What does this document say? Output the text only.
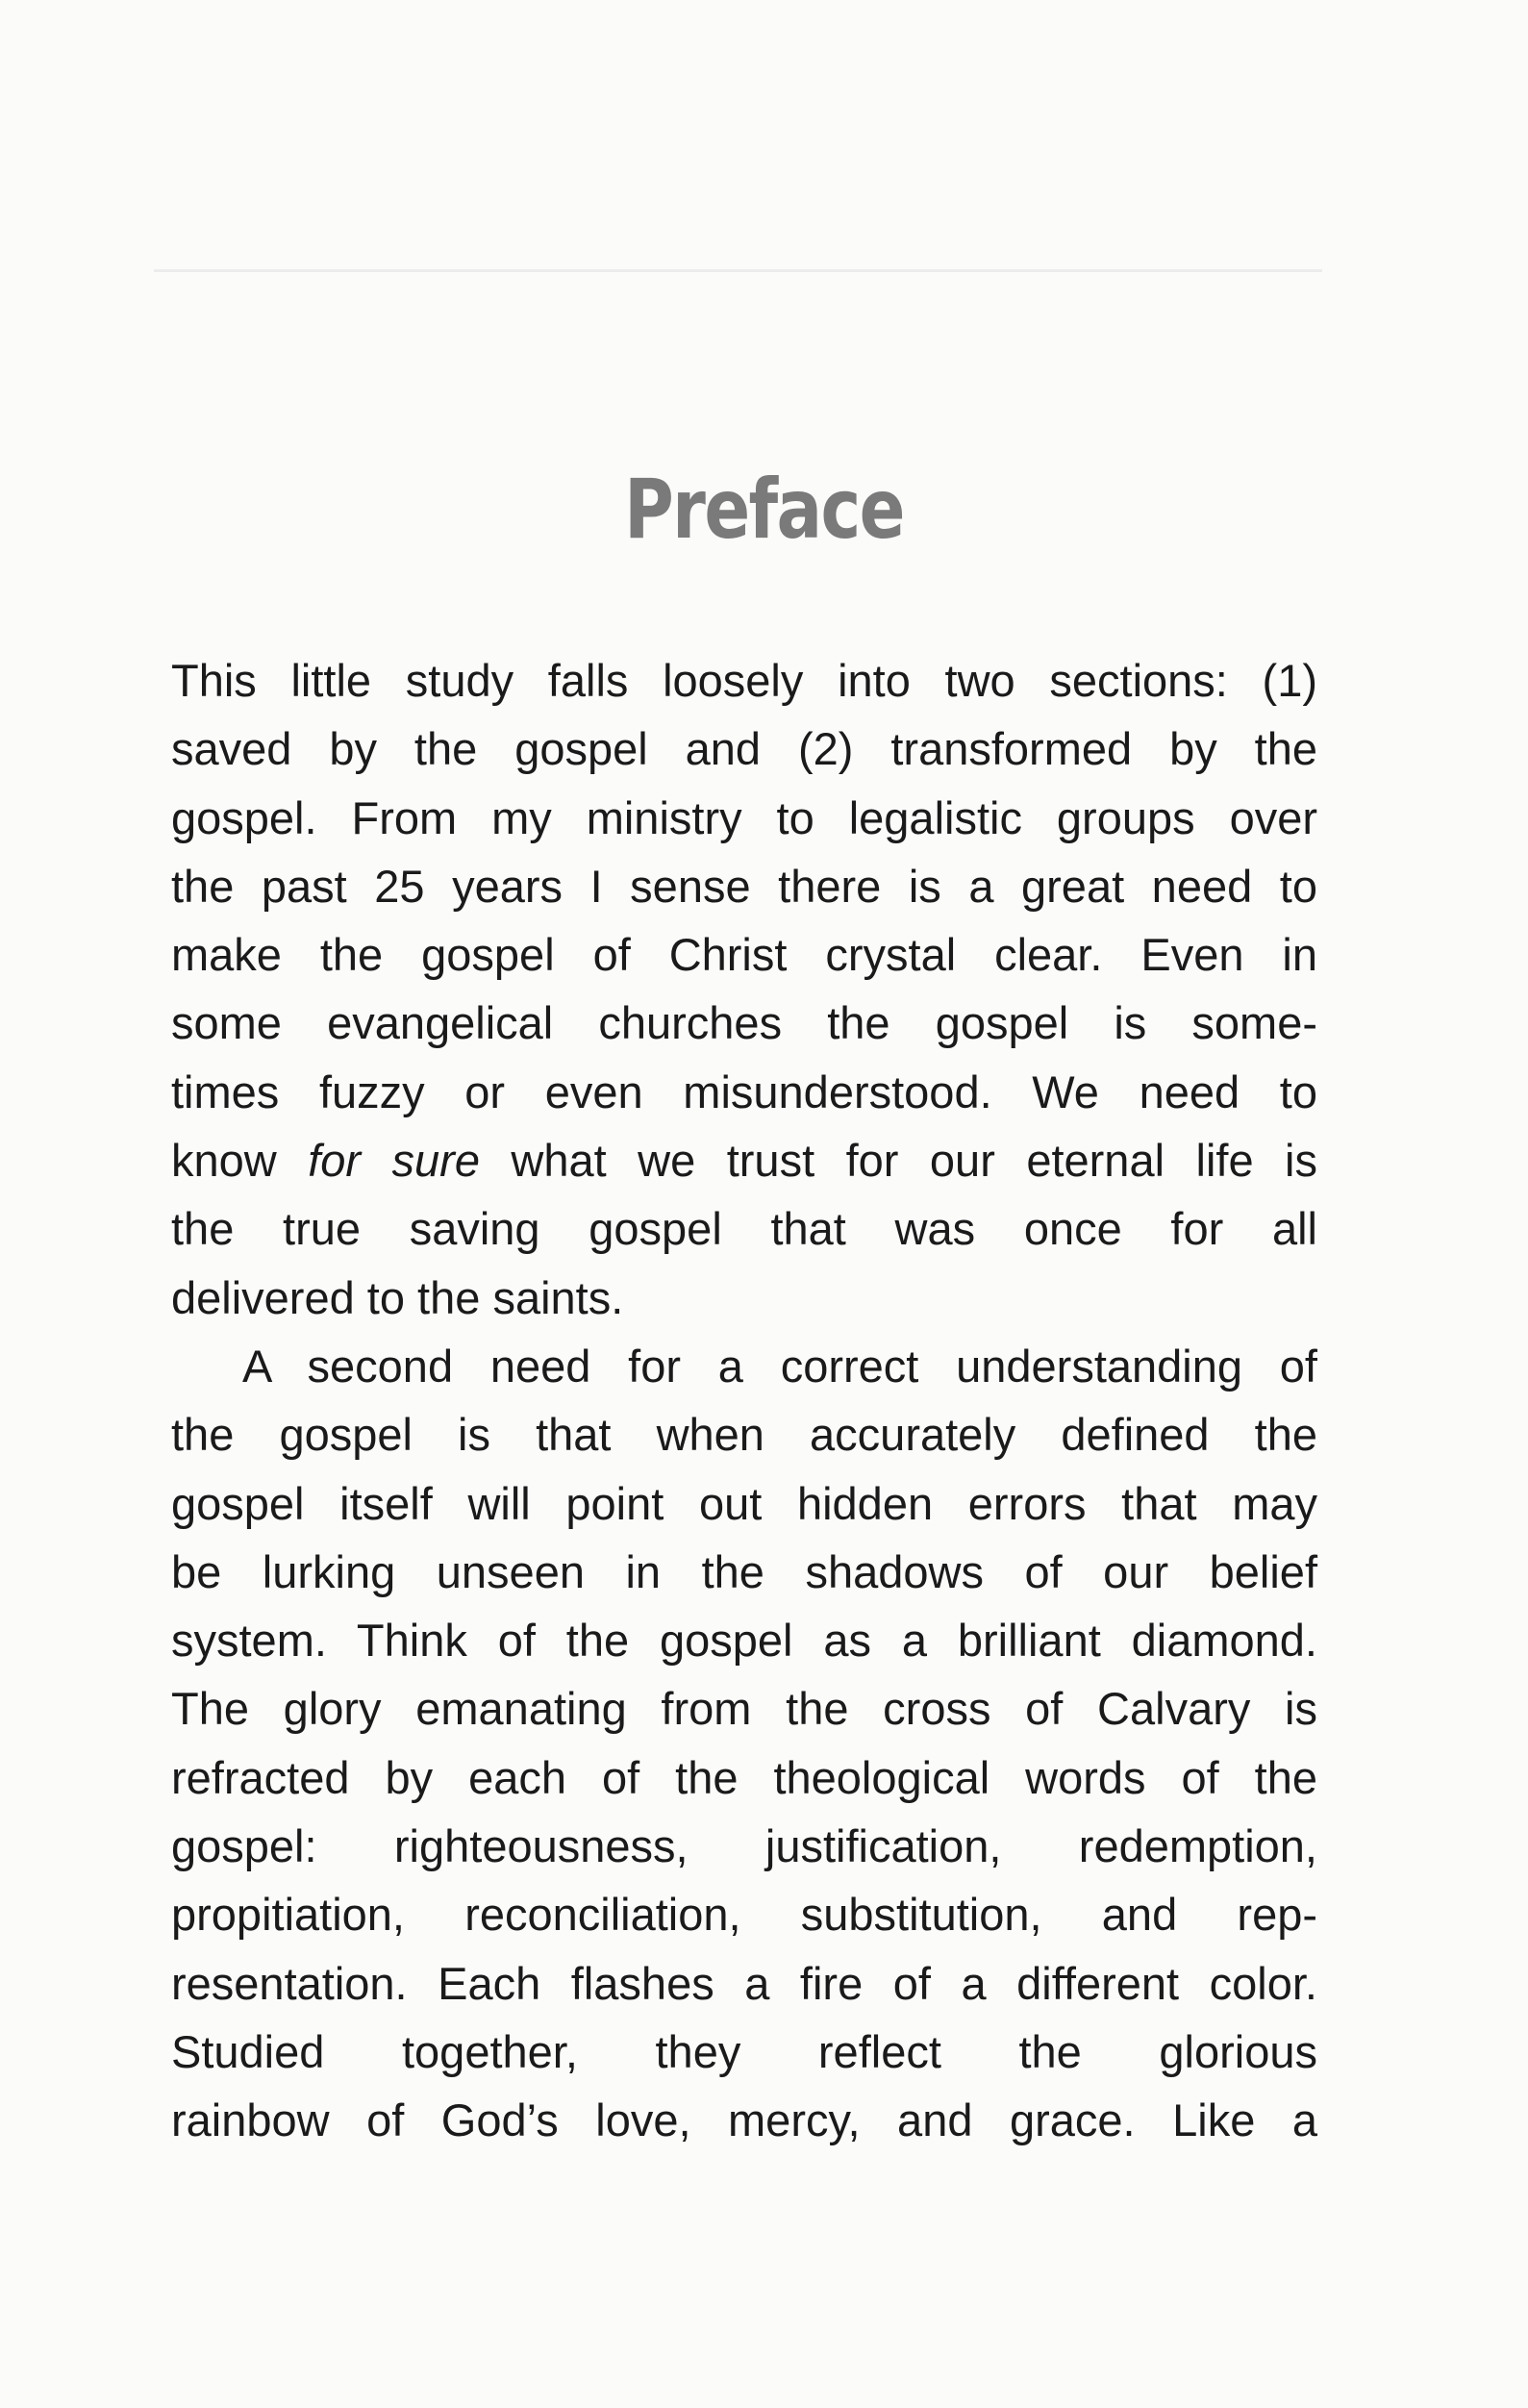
Preface
This little study falls loosely into two sections: (1)
saved by the gospel and (2) transformed by the
gospel. From my ministry to legalistic groups over
the past 25 years I sense there is a great need to
make the gospel of Christ crystal clear. Even in
some evangelical churches the gospel is some-
times fuzzy or even misunderstood. We need to
know for sure what we trust for our eternal life is
the true saving gospel that was once for all
delivered to the saints.
A second need for a correct understanding of
the gospel is that when accurately defined the
gospel itself will point out hidden errors that may
be lurking unseen in the shadows of our belief
system. Think of the gospel as a brilliant diamond.
The glory emanating from the cross of Calvary is
refracted by each of the theological words of the
gospel: righteousness, justification, redemption,
propitiation, reconciliation, substitution, and rep-
resentation. Each flashes a fire of a different color.
Studied together, they reflect the glorious
rainbow of God’s love, mercy, and grace. Like a
